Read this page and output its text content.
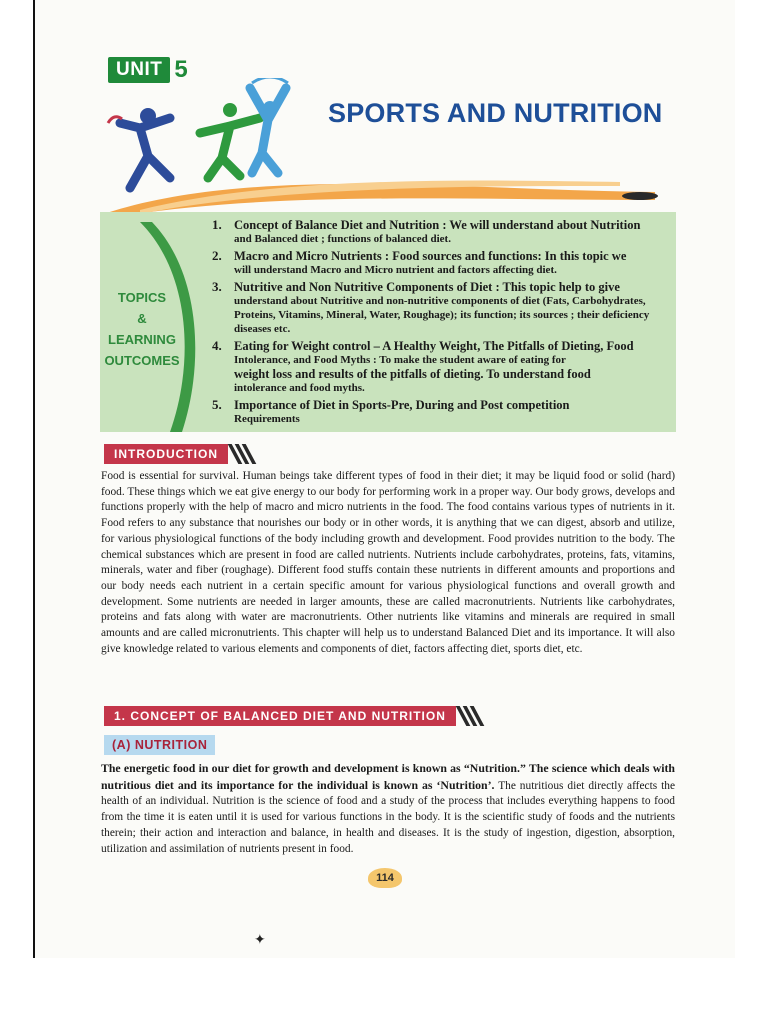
UNIT 5
SPORTS AND NUTRITION
TOPICS
&
LEARNING
OUTCOMES
1. Concept of Balance Diet and Nutrition : We will understand about Nutrition
and Balanced diet ; functions of balanced diet.
2. Macro and Micro Nutrients : Food sources and functions: In this topic we
will understand Macro and Micro nutrient and factors affecting diet.
3. Nutritive and Non Nutritive Components of Diet : This topic help to give
understand about Nutritive and non-nutritive components of diet (Fats, Carbohydrates, Proteins, Vitamins, Mineral, Water, Roughage); its function; its sources ; their deficiency diseases etc.
4. Eating for Weight control – A Healthy Weight, The Pitfalls of Dieting, Food
Intolerance, and Food Myths : To make the student aware of eating for
weight loss and results of the pitfalls of dieting. To understand food
intolerance and food myths.
5. Importance of Diet in Sports-Pre, During and Post competition
Requirements
INTRODUCTION

Food is essential for survival. Human beings take different types of food in their diet; it may be liquid food or solid (hard) food. These things which we eat give energy to our body for performing work in a proper way. Our body grows, develops and functions properly with the help of macro and micro nutrients in the food. The food contains various types of nutrients in it. Food refers to any substance that nourishes our body or in other words, it is anything that we can digest, absorb and utilize, for various physiological functions of the body including growth and development. Food provides nutrition to the body. The chemical substances which are present in food are called nutrients. Nutrients include carbohydrates, proteins, fats, vitamins, minerals, water and fiber (roughage). Different food stuffs contain these nutrients in different amounts and proportions and our body needs each nutrient in a certain specific amount for various physiological functions and overall growth and development. Some nutrients are needed in larger amounts, these are called macronutrients. Nutrients like carbohydrates, proteins and fats along with water are macronutrients. Other nutrients like vitamins and minerals are required in small amounts and are called micronutrients. This chapter will help us to understand Balanced Diet and its importance. It will also give knowledge related to various elements and components of diet, factors affecting diet, sports diet, etc.

1. CONCEPT OF BALANCED DIET AND NUTRITION
(A) NUTRITION

The energetic food in our diet for growth and development is known as “Nutrition.” The science which deals with nutritious diet and its importance for the individual is known as ‘Nutrition’. The nutritious diet directly affects the health of an individual. Nutrition is the science of food and a study of the process that includes everything happens to food from the time it is eaten until it is used for various functions in the body. It is the scientific study of foods and the nutrients therein; their action and interaction and balance, in health and diseases. It is the study of ingestion, digestion, absorption, utilization and assimilation of nutrients present in food.

114
✦
